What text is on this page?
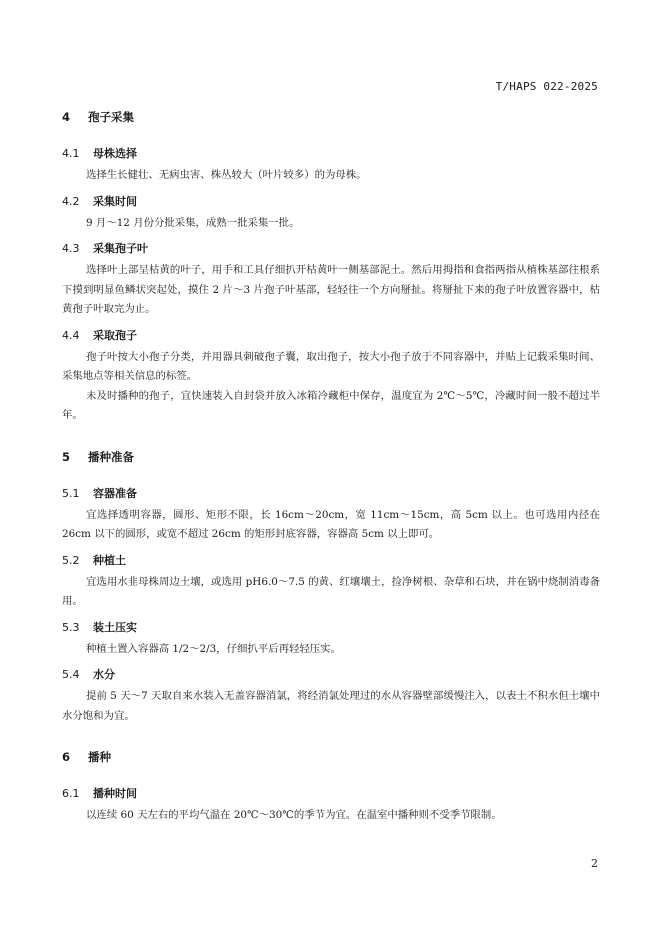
T/HAPS 022-2025
4 孢子采集
4.1 母株选择

选择生长健壮、无病虫害、株丛较大（叶片较多）的为母株。

4.2 采集时间

9 月～12 月份分批采集，成熟一批采集一批。

4.3 采集孢子叶

选择叶上部呈枯黄的叶子，用手和工具仔细扒开枯黄叶一侧基部泥土。然后用拇指和食指两指从植株基部往根系下摸到明显鱼鳞状突起处，摸住 2 片～3 片孢子叶基部，轻轻往一个方向掰扯。将掰扯下来的孢子叶放置容器中，枯黄孢子叶取完为止。

4.4 采取孢子

孢子叶按大小孢子分类，并用器具刺破孢子囊，取出孢子，按大小孢子放于不同容器中，并贴上记载采集时间、采集地点等相关信息的标签。

未及时播种的孢子，宜快速装入自封袋并放入冰箱冷藏柜中保存，温度宜为 2℃～5℃，冷藏时间一般不超过半年。

5 播种准备
5.1 容器准备

宜选择透明容器，圆形、矩形不限，长 16cm～20cm，宽 11cm～15cm，高 5cm 以上。也可选用内径在 26cm 以下的圆形，或宽不超过 26cm 的矩形封底容器，容器高 5cm 以上即可。

5.2 种植土

宜选用水韭母株周边土壤，或选用 pH6.0～7.5 的黄、红壤壤土，捡净树根、杂草和石块，并在锅中烧制消毒备用。

5.3 装土压实

种植土置入容器高 1/2～2/3，仔细扒平后再轻轻压实。

5.4 水分

提前 5 天～7 天取自来水装入无盖容器消氯，将经消氯处理过的水从容器壁部缓慢注入，以表土不积水但土壤中水分饱和为宜。

6 播种
6.1 播种时间

以连续 60 天左右的平均气温在 20℃～30℃的季节为宜。在温室中播种则不受季节限制。

2
